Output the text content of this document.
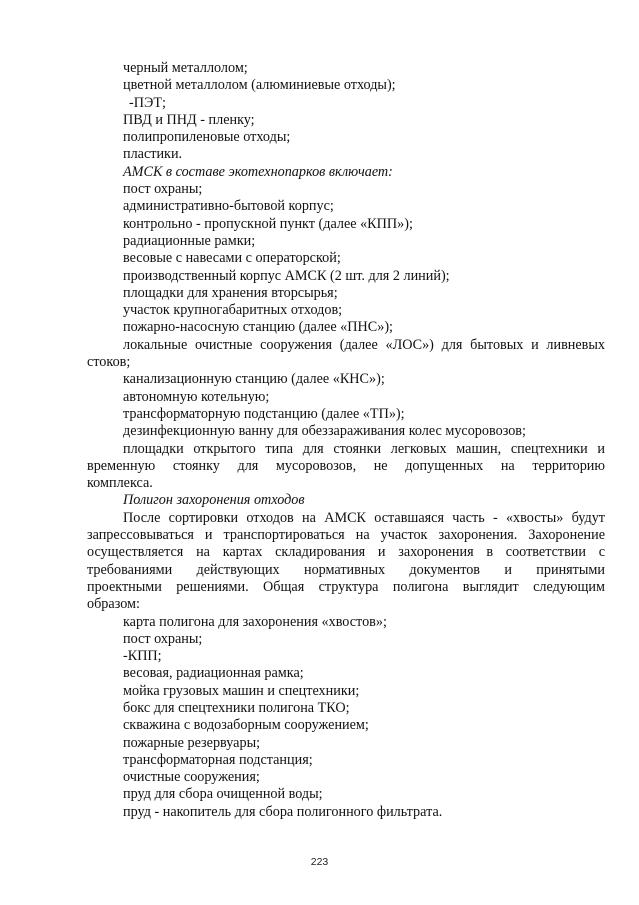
черный металлолом;
цветной металлолом (алюминиевые отходы);
-ПЭТ;
ПВД и ПНД - пленку;
полипропиленовые отходы;
пластики.
АМСК в составе экотехнопарков включает:
пост охраны;
административно-бытовой корпус;
контрольно - пропускной пункт (далее «КПП»);
радиационные рамки;
весовые с навесами с операторской;
производственный корпус АМСК (2 шт. для 2 линий);
площадки для хранения вторсырья;
участок крупногабаритных отходов;
пожарно-насосную станцию (далее «ПНС»);
локальные очистные сооружения (далее «ЛОС») для бытовых и ливневых
стоков;
канализационную станцию (далее «КНС»);
автономную котельную;
трансформаторную подстанцию (далее «ТП»);
дезинфекционную ванну для обеззараживания колес мусоровозов;
площадки открытого типа для стоянки легковых машин, спецтехники и
временную стоянку для мусоровозов, не допущенных на территорию
комплекса.
Полигон захоронения отходов
После сортировки отходов на АМСК оставшаяся часть - «хвосты» будут
запрессовываться и транспортироваться на участок захоронения. Захоронение
осуществляется на картах складирования и захоронения в соответствии с
требованиями действующих нормативных документов и принятыми
проектными решениями. Общая структура полигона выглядит следующим
образом:
карта полигона для захоронения «хвостов»;
пост охраны;
-КПП;
весовая, радиационная рамка;
мойка грузовых машин и спецтехники;
бокс для спецтехники полигона ТКО;
скважина с водозаборным сооружением;
пожарные резервуары;
трансформаторная подстанция;
очистные сооружения;
пруд для сбора очищенной воды;
пруд - накопитель для сбора полигонного фильтрата.
223
